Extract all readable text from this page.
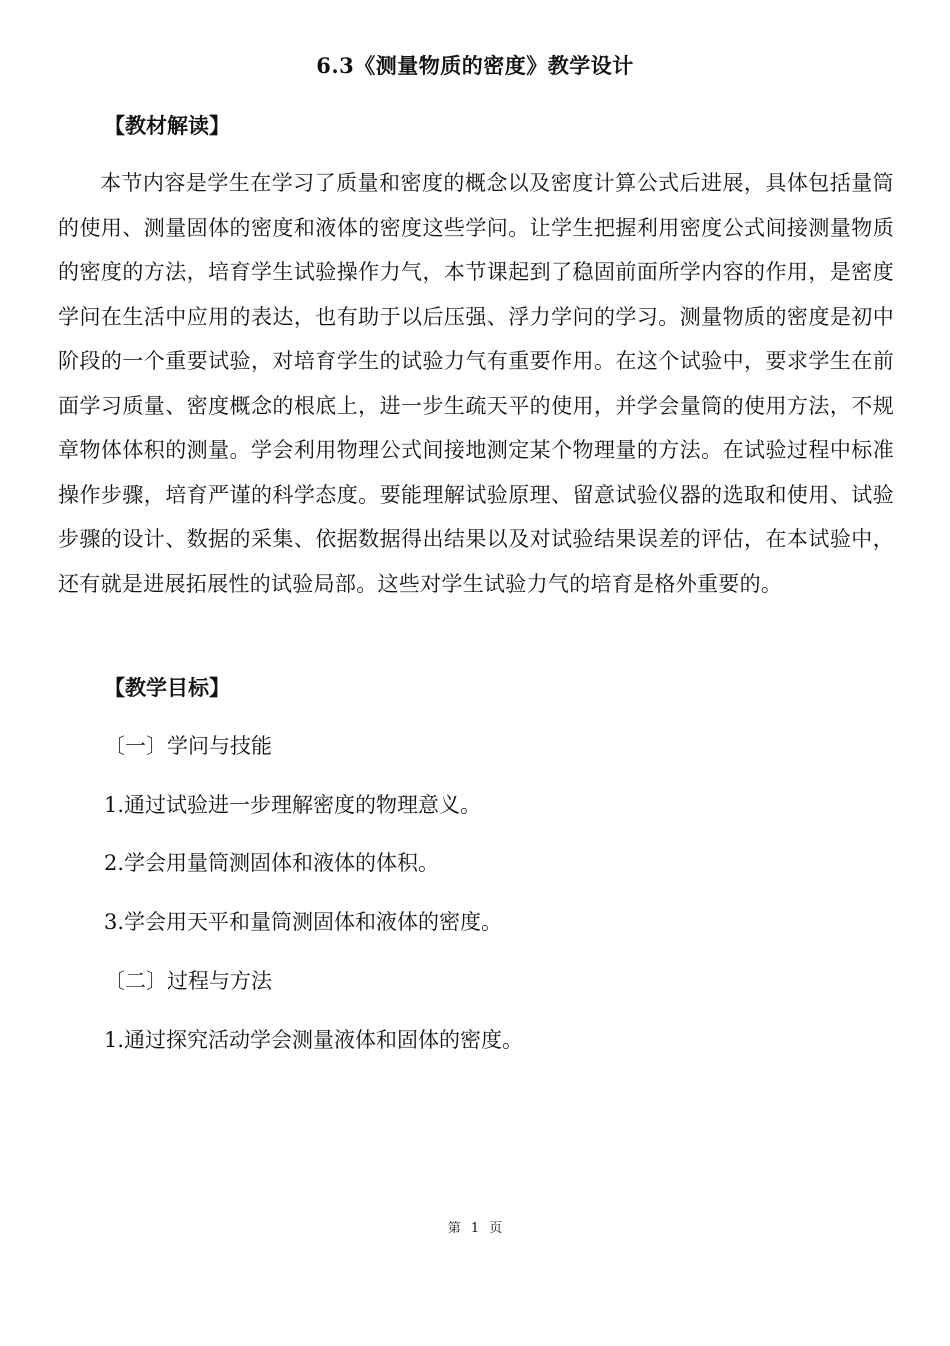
6.3《测量物质的密度》教学设计
【教材解读】
本节内容是学生在学习了质量和密度的概念以及密度计算公式后进展，具体包括量筒的使用、测量固体的密度和液体的密度这些学问。让学生把握利用密度公式间接测量物质的密度的方法，培育学生试验操作力气，本节课起到了稳固前面所学内容的作用，是密度学问在生活中应用的表达，也有助于以后压强、浮力学问的学习。测量物质的密度是初中阶段的一个重要试验，对培育学生的试验力气有重要作用。在这个试验中，要求学生在前面学习质量、密度概念的根底上，进一步生疏天平的使用，并学会量筒的使用方法，不规章物体体积的测量。学会利用物理公式间接地测定某个物理量的方法。在试验过程中标准操作步骤，培育严谨的科学态度。要能理解试验原理、留意试验仪器的选取和使用、试验步骤的设计、数据的采集、依据数据得出结果以及对试验结果误差的评估，在本试验中，还有就是进展拓展性的试验局部。这些对学生试验力气的培育是格外重要的。
【教学目标】
〔一〕学问与技能
1.通过试验进一步理解密度的物理意义。
2.学会用量筒测固体和液体的体积。
3.学会用天平和量筒测固体和液体的密度。
〔二〕过程与方法
1.通过探究活动学会测量液体和固体的密度。
第 1 页
